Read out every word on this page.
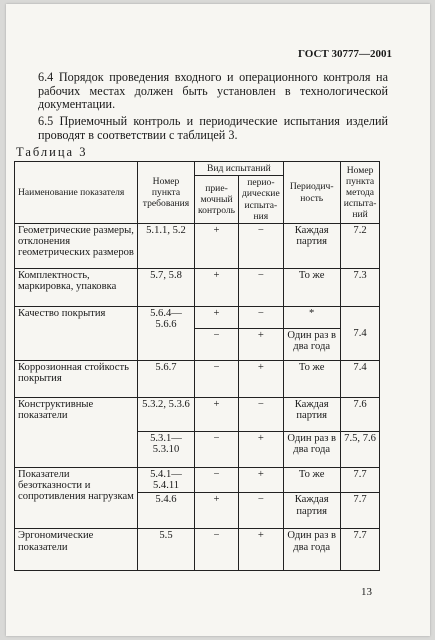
ГОСТ 30777—2001
6.4 Порядок проведения входного и операционного контроля на рабочих местах должен быть установлен в технологической документации.
6.5 Приемочный контроль и периодические испытания изделий проводят в соответствии с таблицей 3.
Таблица 3
Наименование показателя	Номер пункта требования	Вид испытаний		Периодич-ность	Номер пункта метода испыта-ний
		прие-мочный контроль	перио-дические испыта-ния		
Геометрические размеры, отклонения геометрических размеров	5.1.1, 5.2	+	−	Каждая партия	7.2
Комплектность, маркировка, упаковка	5.7, 5.8	+	−	То же	7.3
Качество покрытия	5.6.4—5.6.6	+	−	*	7.4
		−	+	Один раз в два года	
Коррозионная стойкость покрытия	5.6.7	−	+	То же	7.4
Конструктивные показатели	5.3.2, 5.3.6	+	−	Каждая партия	7.6
	5.3.1—5.3.10	−	+	Один раз в два года	7.5, 7.6
Показатели безотказности и сопротивления нагрузкам	5.4.1—5.4.11	−	+	То же	7.7
	5.4.6	+	−	Каждая партия	7.7
Эргономические показатели	5.5	−	+	Один раз в два года	7.7
13
